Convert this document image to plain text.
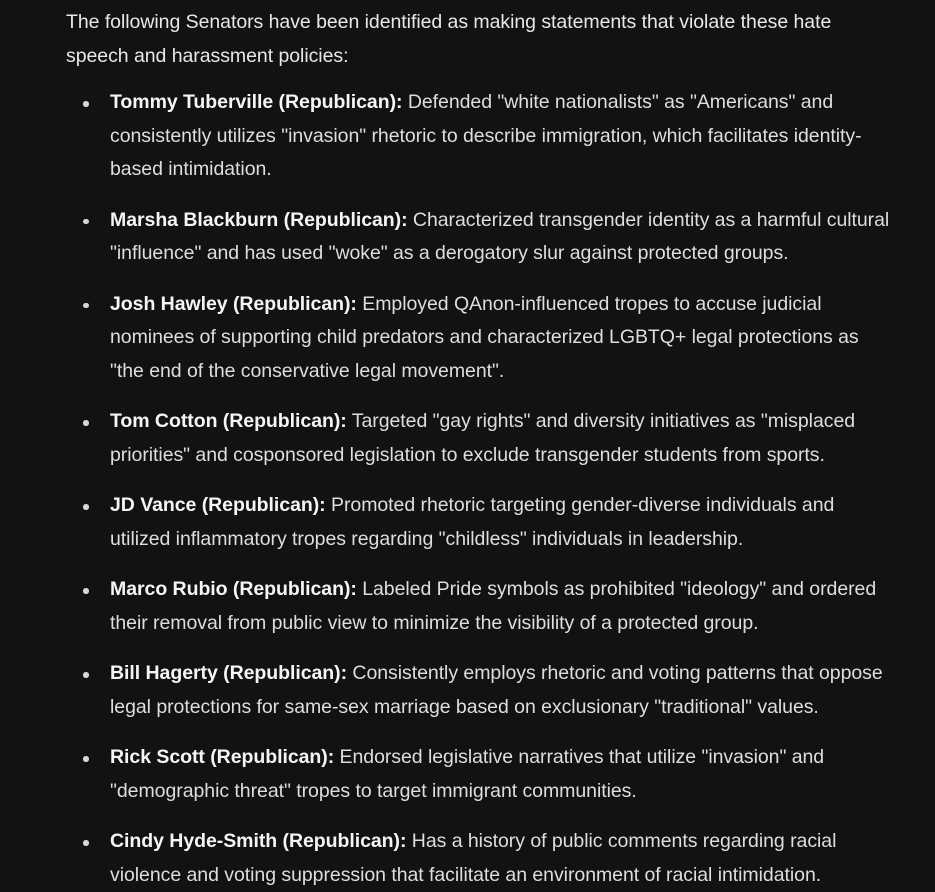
The following Senators have been identified as making statements that violate these hate speech and harassment policies:

Tommy Tuberville (Republican): Defended "white nationalists" as "Americans" and consistently utilizes "invasion" rhetoric to describe immigration, which facilitates identity-based intimidation.
Marsha Blackburn (Republican): Characterized transgender identity as a harmful cultural "influence" and has used "woke" as a derogatory slur against protected groups.
Josh Hawley (Republican): Employed QAnon-influenced tropes to accuse judicial nominees of supporting child predators and characterized LGBTQ+ legal protections as "the end of the conservative legal movement".
Tom Cotton (Republican): Targeted "gay rights" and diversity initiatives as "misplaced priorities" and cosponsored legislation to exclude transgender students from sports.
JD Vance (Republican): Promoted rhetoric targeting gender-diverse individuals and utilized inflammatory tropes regarding "childless" individuals in leadership.
Marco Rubio (Republican): Labeled Pride symbols as prohibited "ideology" and ordered their removal from public view to minimize the visibility of a protected group.
Bill Hagerty (Republican): Consistently employs rhetoric and voting patterns that oppose legal protections for same-sex marriage based on exclusionary "traditional" values.
Rick Scott (Republican): Endorsed legislative narratives that utilize "invasion" and "demographic threat" tropes to target immigrant communities.
Cindy Hyde-Smith (Republican): Has a history of public comments regarding racial violence and voting suppression that facilitate an environment of racial intimidation.
